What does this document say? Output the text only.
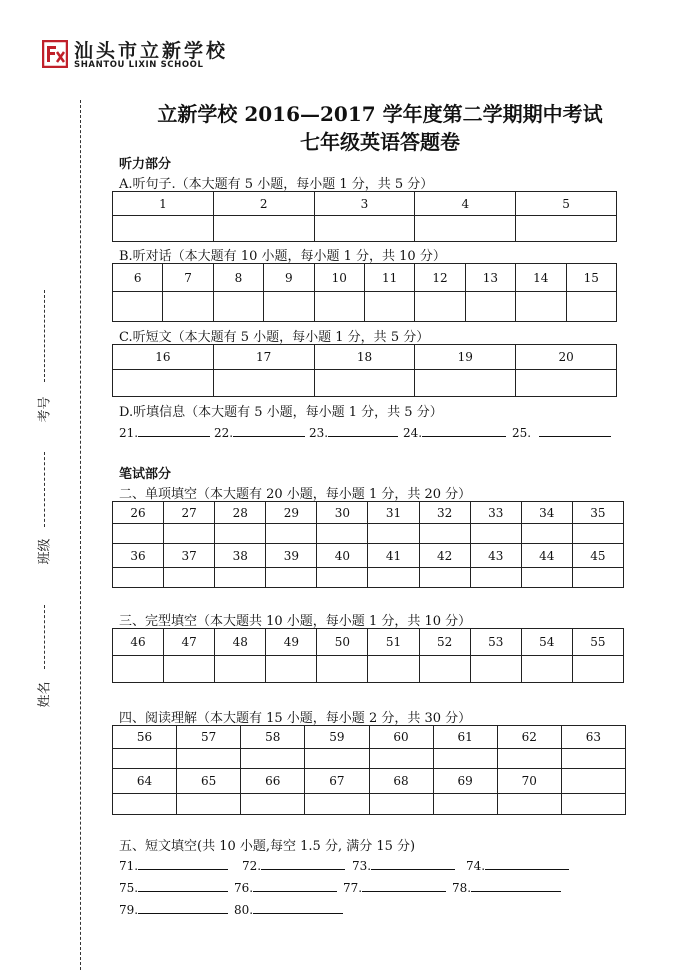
汕头市立新学校
SHANTOU LIXIN SCHOOL
考号
班级
姓名
立新学校 2016—2017 学年度第二学期期中考试
七年级英语答题卷
听力部分
A.听句子.（本大题有 5 小题，每小题 1 分，共 5 分）
1	2	3	4	5

B.听对话（本大题有 10 小题，每小题 1 分，共 10 分）
6	7	8	9	10	11	12	13	14	15

C.听短文（本大题有 5 小题，每小题 1 分，共 5 分）
16	17	18	19	20

D.听填信息（本大题有 5 小题，每小题 1 分，共 5 分）
21.	22.	23.	24.	25.
笔试部分
二、单项填空（本大题有 20 小题，每小题 1 分，共 20 分）
26	27	28	29	30	31	32	33	34	35

36	37	38	39	40	41	42	43	44	45

三、完型填空（本大题共 10 小题，每小题 1 分，共 10 分）
46	47	48	49	50	51	52	53	54	55

四、阅读理解（本大题有 15 小题，每小题 2 分，共 30 分）
56	57	58	59	60	61	62	63

64	65	66	67	68	69	70	

五、短文填空(共 10 小题,每空 1.5 分, 满分 15 分)
71.	72.	73.	74.
75.	76.	77.	78.
79.	80.
